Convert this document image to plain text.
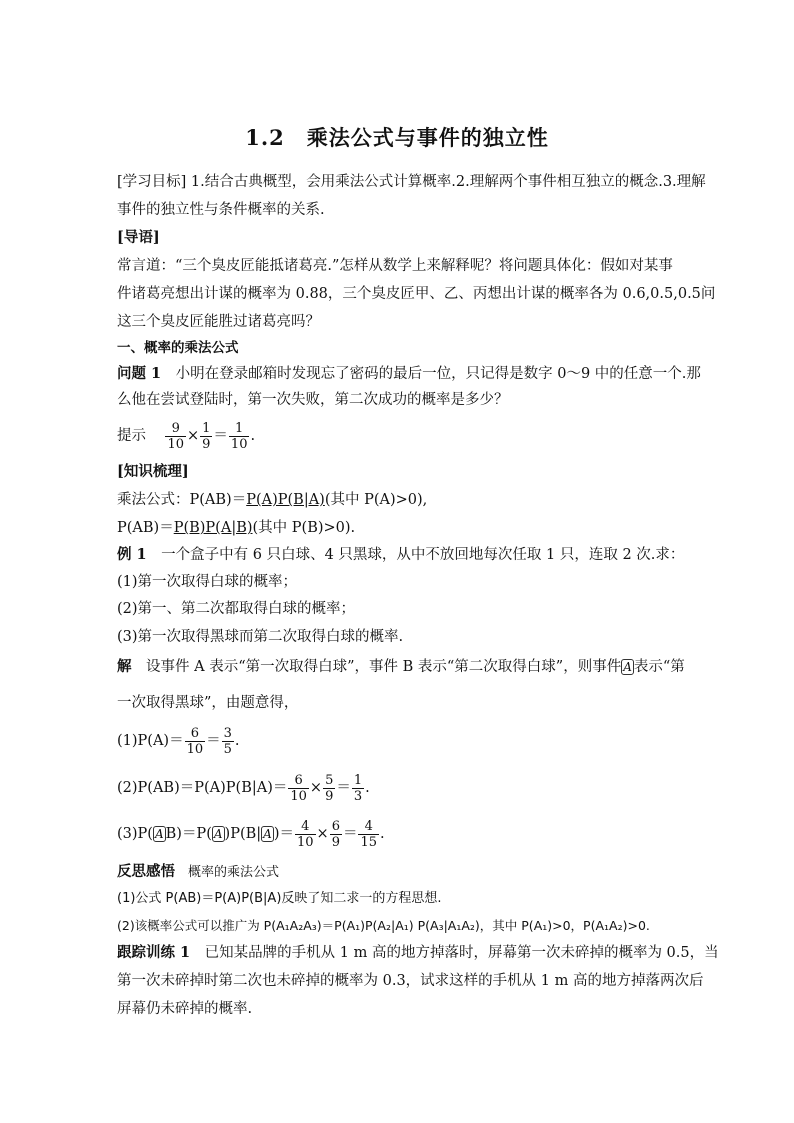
1.2　乘法公式与事件的独立性
[学习目标] 1.结合古典概型，会用乘法公式计算概率.2.理解两个事件相互独立的概念.3.理解
事件的独立性与条件概率的关系.
[导语]
常言道：“三个臭皮匠能抵诸葛亮.”怎样从数学上来解释呢？将问题具体化：假如对某事
件诸葛亮想出计谋的概率为 0.88，三个臭皮匠甲、乙、丙想出计谋的概率各为 0.6,0.5,0.5问
这三个臭皮匠能胜过诸葛亮吗？
一、概率的乘法公式
问题 1　小明在登录邮箱时发现忘了密码的最后一位，只记得是数字 0～9 中的任意一个.那
么他在尝试登陆时，第一次失败，第二次成功的概率是多少？
提示 $\frac{9}{10} \times \frac{1}{9} = \frac{1}{10}$ .
[知识梳理]
乘法公式：P(AB)＝P(A)P(B|A)(其中 P(A)>0),
P(AB)＝P(B)P(A|B)(其中 P(B)>0).
例 1　一个盒子中有 6 只白球、4 只黑球，从中不放回地每次任取 1 只，连取 2 次.求：
(1)第一次取得白球的概率；
(2)第一、第二次都取得白球的概率；
(3)第一次取得黑球而第二次取得白球的概率.
解　设事件 A 表示“第一次取得白球”，事件 B 表示“第二次取得白球”，则事件 A 表示“第
一次取得黑球”，由题意得，
$(1)P(A)= \frac{6}{10} = \frac{3}{5}$ .
$(2)P(AB)=P(A)P(B|A)= \frac{6}{10} \times \frac{5}{9} = \frac{1}{3}$ .
(3)P( A B)＝P( A )P(B| A )＝ $\frac{4}{10} \times \frac{6}{9} = \frac{4}{15}$ .
反思感悟　概率的乘法公式
(1)公式 P(AB)＝P(A)P(B|A)反映了知二求一的方程思想.
(2)该概率公式可以推广为 P(A₁A₂A₃)＝P(A₁)P(A₂|A₁) P(A₃|A₁A₂)，其中 P(A₁)>0，P(A₁A₂)>0.
跟踪训练 1　已知某品牌的手机从 1 m 高的地方掉落时，屏幕第一次未碎掉的概率为 0.5，当
第一次未碎掉时第二次也未碎掉的概率为 0.3，试求这样的手机从 1 m 高的地方掉落两次后
屏幕仍未碎掉的概率.
